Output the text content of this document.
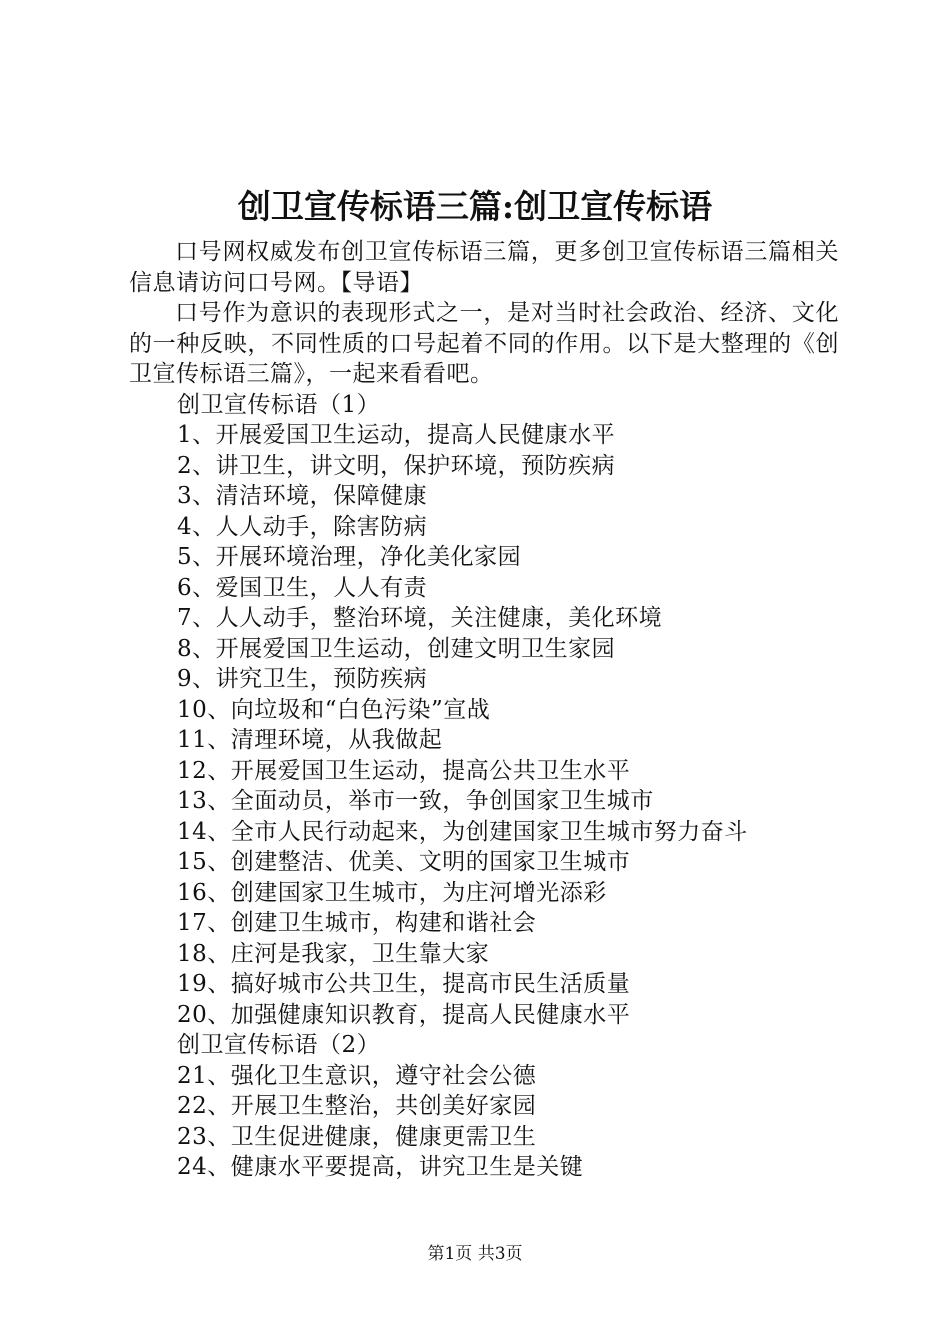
创卫宣传标语三篇:创卫宣传标语

口号网权威发布创卫宣传标语三篇，更多创卫宣传标语三篇相关信息请访问口号网。【导语】

口号作为意识的表现形式之一，是对当时社会政治、经济、文化的一种反映，不同性质的口号起着不同的作用。以下是大整理的《创卫宣传标语三篇》，一起来看看吧。

创卫宣传标语（1）

1、开展爱国卫生运动，提高人民健康水平

2、讲卫生，讲文明，保护环境，预防疾病

3、清洁环境，保障健康

4、人人动手，除害防病

5、开展环境治理，净化美化家园

6、爱国卫生，人人有责

7、人人动手，整治环境，关注健康，美化环境

8、开展爱国卫生运动，创建文明卫生家园

9、讲究卫生，预防疾病

10、向垃圾和“白色污染”宣战

11、清理环境，从我做起

12、开展爱国卫生运动，提高公共卫生水平

13、全面动员，举市一致，争创国家卫生城市

14、全市人民行动起来，为创建国家卫生城市努力奋斗

15、创建整洁、优美、文明的国家卫生城市

16、创建国家卫生城市，为庄河增光添彩

17、创建卫生城市，构建和谐社会

18、庄河是我家，卫生靠大家

19、搞好城市公共卫生，提高市民生活质量

20、加强健康知识教育，提高人民健康水平

创卫宣传标语（2）

21、强化卫生意识，遵守社会公德

22、开展卫生整治，共创美好家园

23、卫生促进健康，健康更需卫生

24、健康水平要提高，讲究卫生是关键

第1页 共3页
